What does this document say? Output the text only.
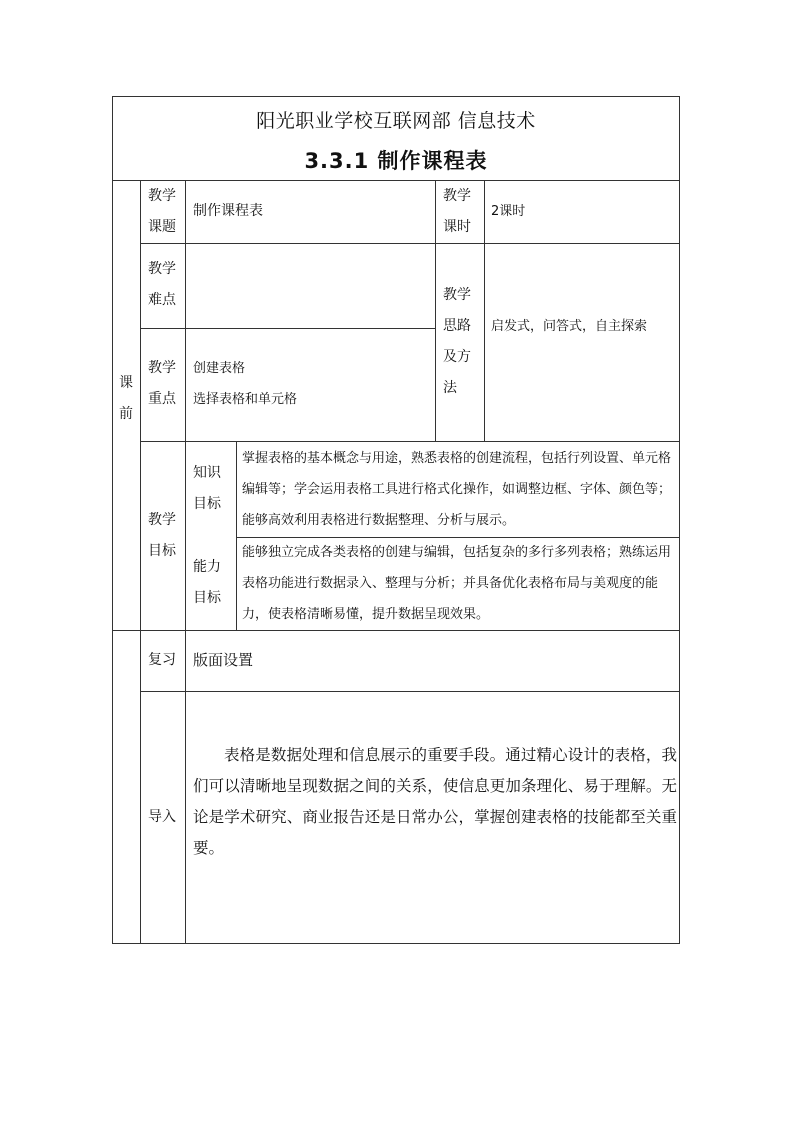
阳光职业学校互联网部 信息技术
3.3.1 制作课程表
课
前
教学
课题
制作课程表
教学
课时
2课时
教学
难点
教学
重点
创建表格
选择表格和单元格
教学
思路
及方
法
启发式，问答式，自主探索
教学
目标
知识
目标
掌握表格的基本概念与用途，熟悉表格的创建流程，包括行列设置、单元格编辑等；学会运用表格工具进行格式化操作，如调整边框、字体、颜色等；能够高效利用表格进行数据整理、分析与展示。
能力
目标
能够独立完成各类表格的创建与编辑，包括复杂的多行多列表格；熟练运用表格功能进行数据录入、整理与分析；并具备优化表格布局与美观度的能力，使表格清晰易懂，提升数据呈现效果。
复习 版面设置
导入
表格是数据处理和信息展示的重要手段。通过精心设计的表格，我们可以清晰地呈现数据之间的关系，使信息更加条理化、易于理解。无论是学术研究、商业报告还是日常办公，掌握创建表格的技能都至关重要。
